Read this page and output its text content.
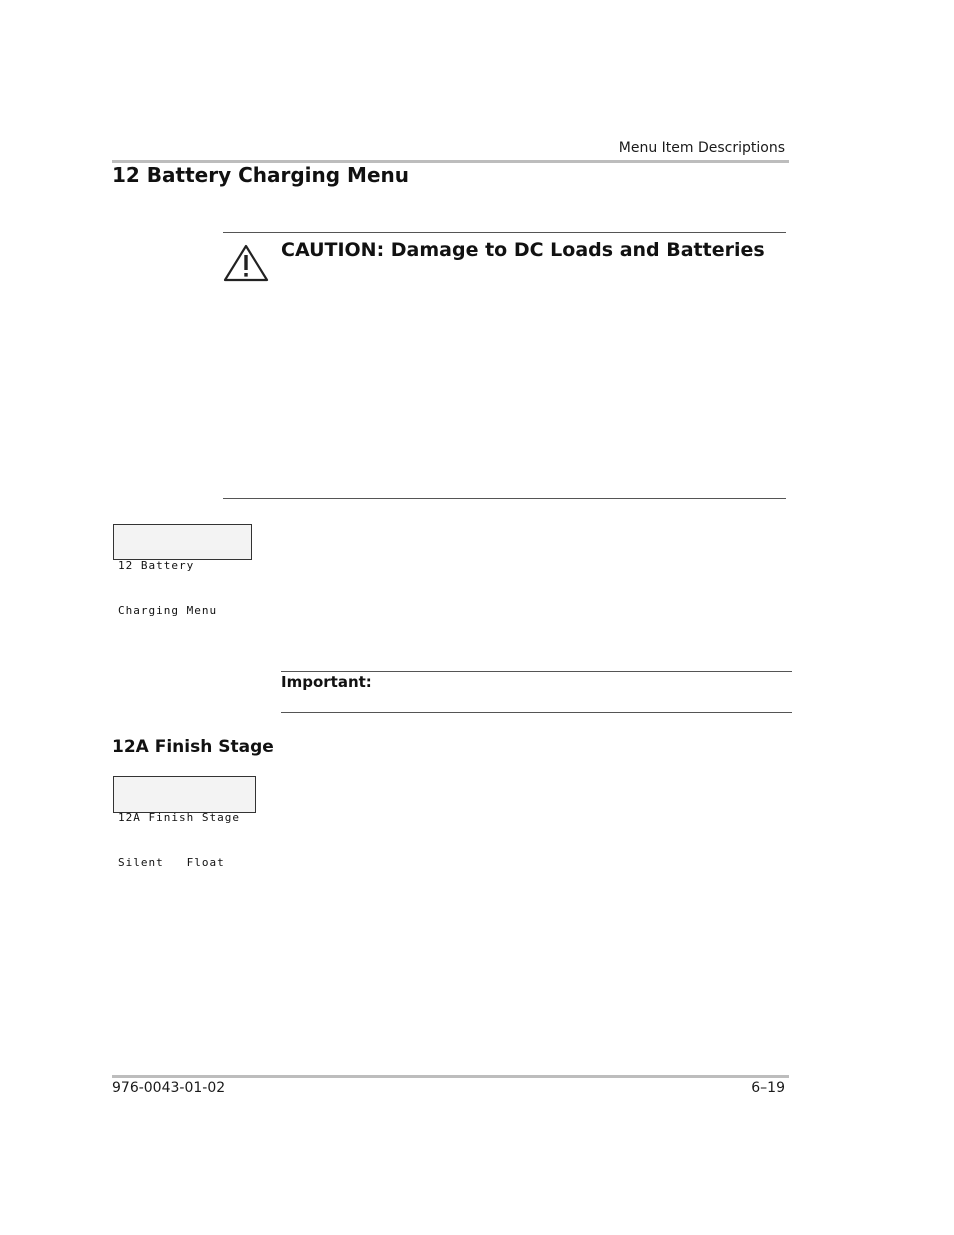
Menu Item Descriptions
12 Battery Charging Menu
CAUTION: Damage to DC Loads and Batteries

12 Battery

Charging Menu

Important:
12A Finish Stage

12A Finish Stage

Silent   Float

976-0043-01-02	6–19
